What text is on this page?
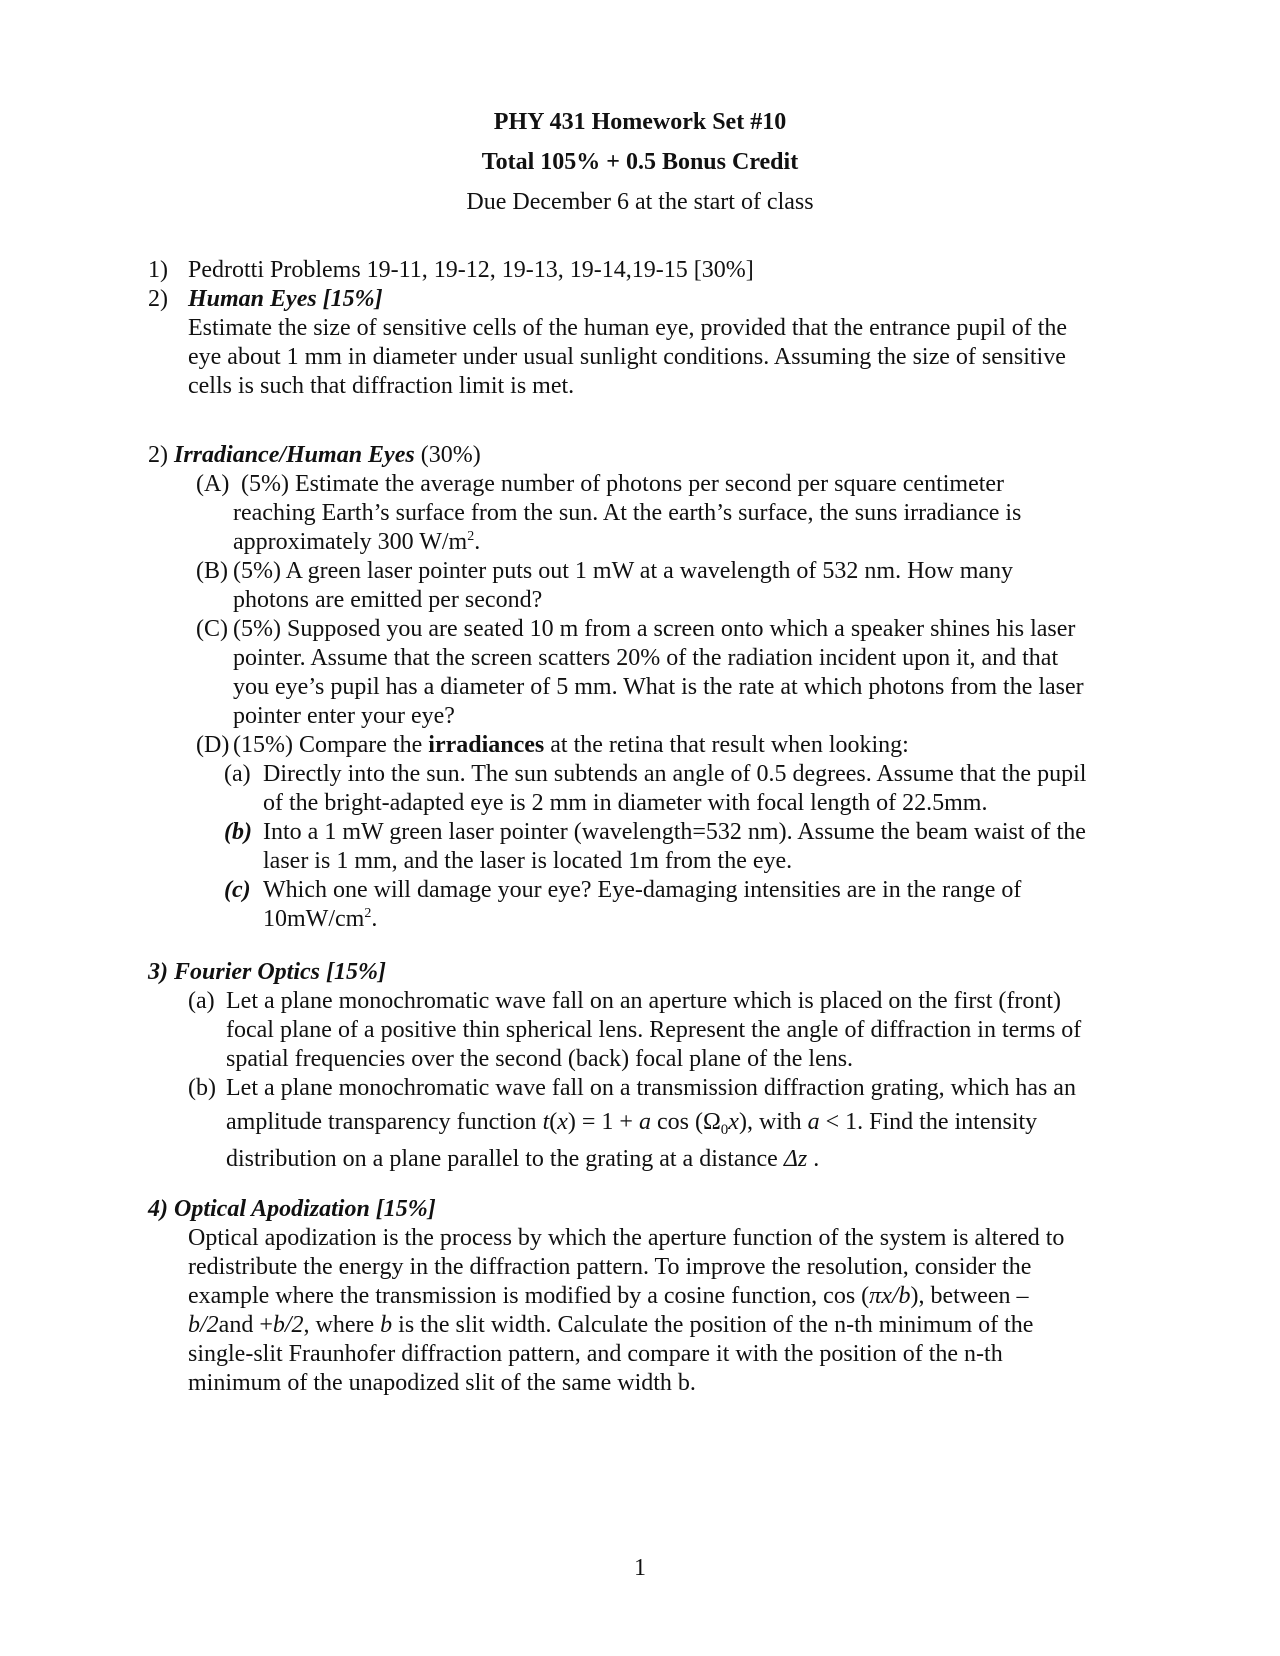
PHY 431 Homework Set #10
Total 105% + 0.5 Bonus Credit
Due December 6 at the start of class
1) Pedrotti Problems 19-11, 19-12, 19-13, 19-14,19-15 [30%]
2) Human Eyes [15%]
Estimate the size of sensitive cells of the human eye, provided that the entrance pupil of the
eye about 1 mm in diameter under usual sunlight conditions. Assuming the size of sensitive
cells is such that diffraction limit is met.
2) Irradiance/Human Eyes (30%)
(A) (5%) Estimate the average number of photons per second per square centimeter
reaching Earth’s surface from the sun. At the earth’s surface, the suns irradiance is
approximately 300 $W/m^2$.
(B) (5%) A green laser pointer puts out 1 mW at a wavelength of 532 nm. How many
photons are emitted per second?
(C) (5%) Supposed you are seated 10 m from a screen onto which a speaker shines his laser
pointer. Assume that the screen scatters 20% of the radiation incident upon it, and that
you eye’s pupil has a diameter of 5 mm. What is the rate at which photons from the laser
pointer enter your eye?
(D) (15%) Compare the irradiances at the retina that result when looking:
(a) Directly into the sun. The sun subtends an angle of 0.5 degrees. Assume that the pupil
of the bright-adapted eye is 2 mm in diameter with focal length of 22.5mm.
(b) Into a 1 mW green laser pointer (wavelength=532 nm). Assume the beam waist of the
laser is 1 mm, and the laser is located 1m from the eye.
(c) Which one will damage your eye? Eye-damaging intensities are in the range of
$10mW/cm^2$.
3) Fourier Optics [15%]
(a) Let a plane monochromatic wave fall on an aperture which is placed on the first (front)
focal plane of a positive thin spherical lens. Represent the angle of diffraction in terms of
spatial frequencies over the second (back) focal plane of the lens.
(b) Let a plane monochromatic wave fall on a transmission diffraction grating, which has an
amplitude transparency function t(x) = 1 + a $\cos (\Omega_0x)$, with a < 1. Find the intensity
distribution on a plane parallel to the grating at a distance Δz .
4) Optical Apodization [15%]
Optical apodization is the process by which the aperture function of the system is altered to
redistribute the energy in the diffraction pattern. To improve the resolution, consider the
example where the transmission is modified by a cosine function, cos (πx/b), between –
b/2and +b/2, where b is the slit width. Calculate the position of the n-th minimum of the
single-slit Fraunhofer diffraction pattern, and compare it with the position of the n-th
minimum of the unapodized slit of the same width b.
1
